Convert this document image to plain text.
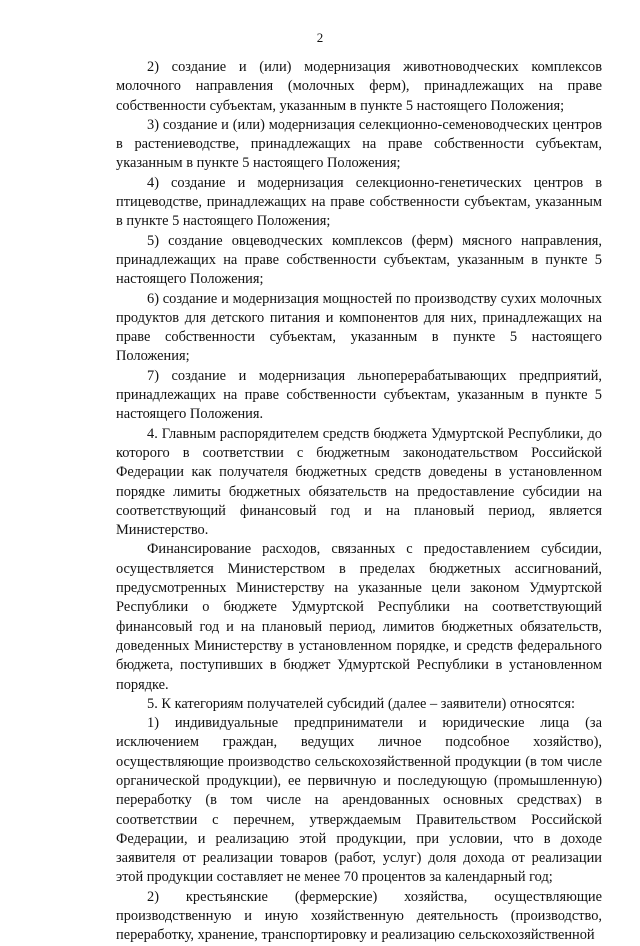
2

2) создание и (или) модернизация животноводческих комплексов молочного направления (молочных ферм), принадлежащих на праве собственности субъектам, указанным в пункте 5 настоящего Положения;

3) создание и (или) модернизация селекционно-семеноводческих центров в растениеводстве, принадлежащих на праве собственности субъектам, указанным в пункте 5 настоящего Положения;

4) создание и модернизация селекционно-генетических центров в птицеводстве, принадлежащих на праве собственности субъектам, указанным в пункте 5 настоящего Положения;

5) создание овцеводческих комплексов (ферм) мясного направления, принадлежащих на праве собственности субъектам, указанным в пункте 5 настоящего Положения;

6) создание и модернизация мощностей по производству сухих молочных продуктов для детского питания и компонентов для них, принадлежащих на праве собственности субъектам, указанным в пункте 5 настоящего Положения;

7) создание и модернизация льноперерабатывающих предприятий, принадлежащих на праве собственности субъектам, указанным в пункте 5 настоящего Положения.

4. Главным распорядителем средств бюджета Удмуртской Республики, до которого в соответствии с бюджетным законодательством Российской Федерации как получателя бюджетных средств доведены в установленном порядке лимиты бюджетных обязательств на предоставление субсидии на соответствующий финансовый год и на плановый период, является Министерство.

Финансирование расходов, связанных с предоставлением субсидии, осуществляется Министерством в пределах бюджетных ассигнований, предусмотренных Министерству на указанные цели законом Удмуртской Республики о бюджете Удмуртской Республики на соответствующий финансовый год и на плановый период, лимитов бюджетных обязательств, доведенных Министерству в установленном порядке, и средств федерального бюджета, поступивших в бюджет Удмуртской Республики в установленном порядке.

5. К категориям получателей субсидий (далее – заявители) относятся:

1) индивидуальные предприниматели и юридические лица (за исключением граждан, ведущих личное подсобное хозяйство), осуществляющие производство сельскохозяйственной продукции (в том числе органической продукции), ее первичную и последующую (промышленную) переработку (в том числе на арендованных основных средствах) в соответствии с перечнем, утверждаемым Правительством Российской Федерации, и реализацию этой продукции, при условии, что в доходе заявителя от реализации товаров (работ, услуг) доля дохода от реализации этой продукции составляет не менее 70 процентов за календарный год;

2) крестьянские (фермерские) хозяйства, осуществляющие производственную и иную хозяйственную деятельность (производство, переработку, хранение, транспортировку и реализацию сельскохозяйственной
